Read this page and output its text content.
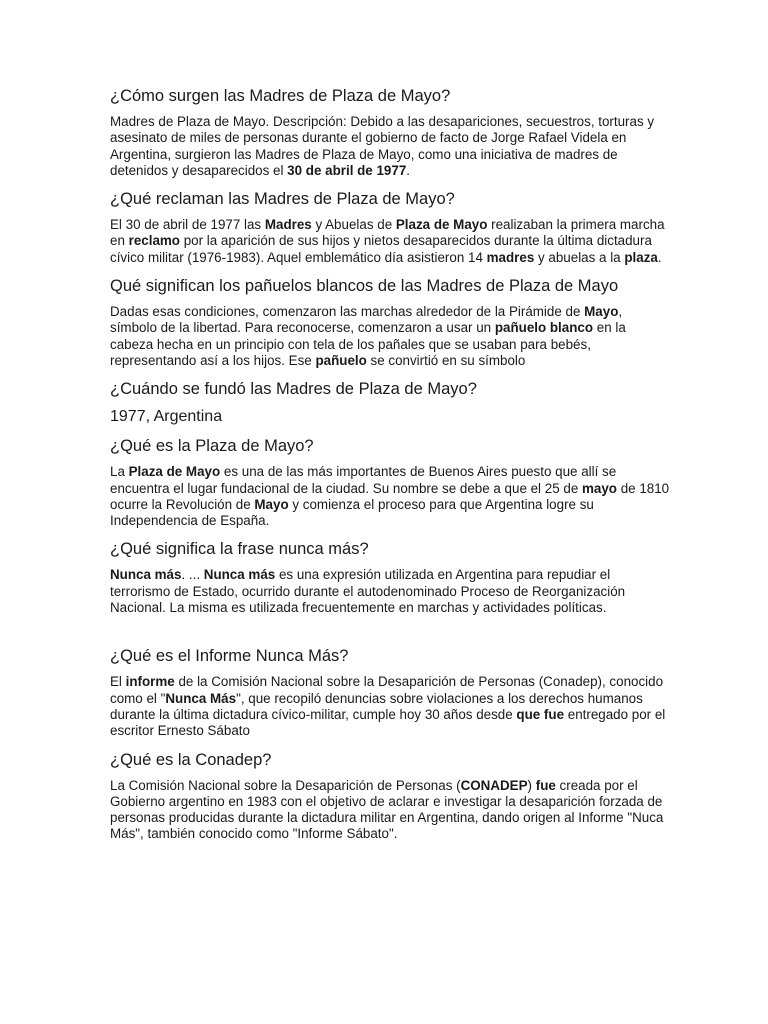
¿Cómo surgen las Madres de Plaza de Mayo?

Madres de Plaza de Mayo. Descripción: Debido a las desapariciones, secuestros, torturas y asesinato de miles de personas durante el gobierno de facto de Jorge Rafael Videla en Argentina, surgieron las Madres de Plaza de Mayo, como una iniciativa de madres de detenidos y desaparecidos el 30 de abril de 1977.

¿Qué reclaman las Madres de Plaza de Mayo?

El 30 de abril de 1977 las Madres y Abuelas de Plaza de Mayo realizaban la primera marcha en reclamo por la aparición de sus hijos y nietos desaparecidos durante la última dictadura cívico militar (1976-1983). Aquel emblemático día asistieron 14 madres y abuelas a la plaza.

Qué significan los pañuelos blancos de las Madres de Plaza de Mayo

Dadas esas condiciones, comenzaron las marchas alrededor de la Pirámide de Mayo, símbolo de la libertad. Para reconocerse, comenzaron a usar un pañuelo blanco en la cabeza hecha en un principio con tela de los pañales que se usaban para bebés, representando así a los hijos. Ese pañuelo se convirtió en su símbolo

¿Cuándo se fundó las Madres de Plaza de Mayo?

1977, Argentina

¿Qué es la Plaza de Mayo?

La Plaza de Mayo es una de las más importantes de Buenos Aires puesto que allí se encuentra el lugar fundacional de la ciudad. Su nombre se debe a que el 25 de mayo de 1810 ocurre la Revolución de Mayo y comienza el proceso para que Argentina logre su Independencia de España.

¿Qué significa la frase nunca más?

Nunca más. ... Nunca más es una expresión utilizada en Argentina para repudiar el terrorismo de Estado, ocurrido durante el autodenominado Proceso de Reorganización Nacional. La misma es utilizada frecuentemente en marchas y actividades políticas.

¿Qué es el Informe Nunca Más?

El informe de la Comisión Nacional sobre la Desaparición de Personas (Conadep), conocido como el "Nunca Más", que recopiló denuncias sobre violaciones a los derechos humanos durante la última dictadura cívico-militar, cumple hoy 30 años desde que fue entregado por el escritor Ernesto Sábato

¿Qué es la Conadep?

La Comisión Nacional sobre la Desaparición de Personas (CONADEP) fue creada por el Gobierno argentino en 1983 con el objetivo de aclarar e investigar la desaparición forzada de personas producidas durante la dictadura militar en Argentina, dando origen al Informe "Nuca Más", también conocido como "Informe Sábato".
